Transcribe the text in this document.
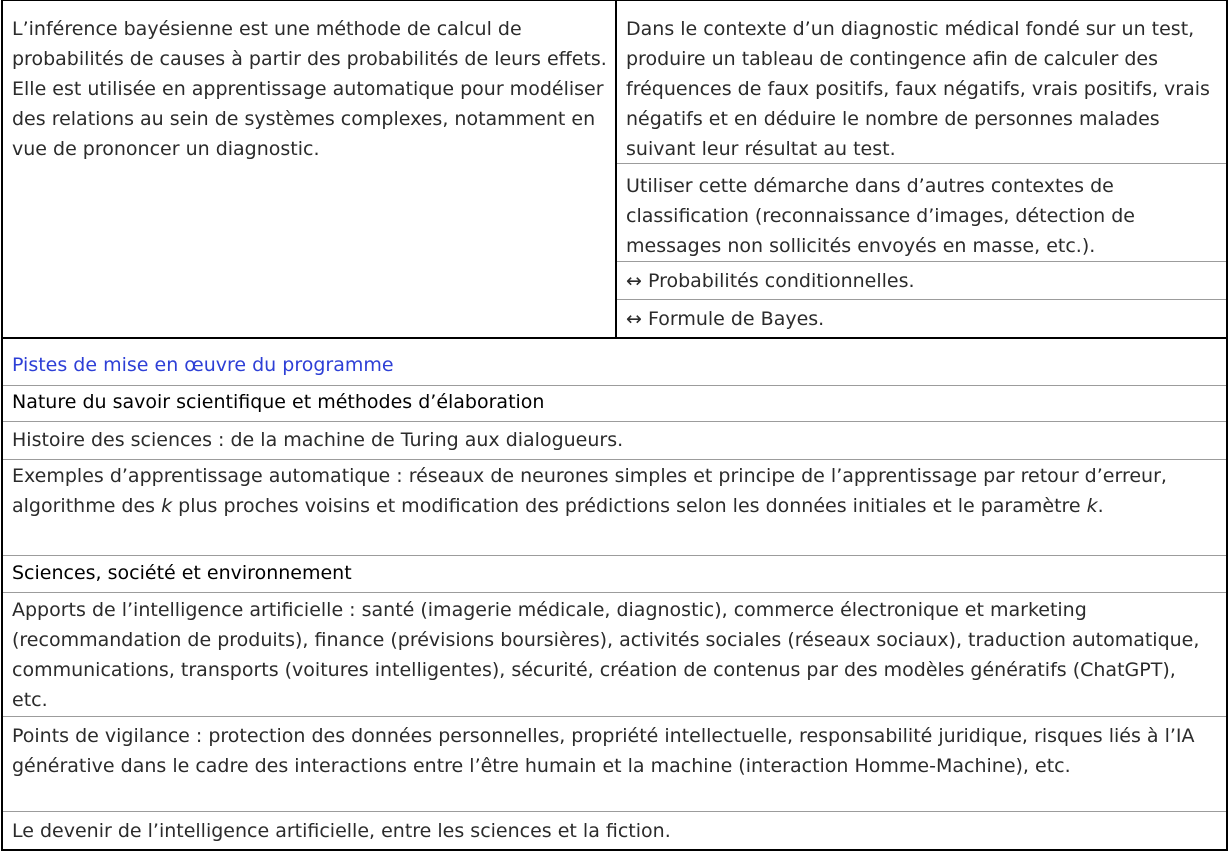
L’inférence bayésienne est une méthode de calcul de probabilités de causes à partir des probabilités de leurs effets. Elle est utilisée en apprentissage automatique pour modéliser des relations au sein de systèmes complexes, notamment en vue de prononcer un diagnostic.

Dans le contexte d’un diagnostic médical fondé sur un test, produire un tableau de contingence afin de calculer des fréquences de faux positifs, faux négatifs, vrais positifs, vrais négatifs et en déduire le nombre de personnes malades suivant leur résultat au test.

Utiliser cette démarche dans d’autres contextes de classification (reconnaissance d’images, détection de messages non sollicités envoyés en masse, etc.).

↔ Probabilités conditionnelles.

↔ Formule de Bayes.

Pistes de mise en œuvre du programme

Nature du savoir scientifique et méthodes d’élaboration

Histoire des sciences : de la machine de Turing aux dialogueurs.

Exemples d’apprentissage automatique : réseaux de neurones simples et principe de l’apprentissage par retour d’erreur, algorithme des k plus proches voisins et modification des prédictions selon les données initiales et le paramètre k.

Sciences, société et environnement

Apports de l’intelligence artificielle : santé (imagerie médicale, diagnostic), commerce électronique et marketing (recommandation de produits), finance (prévisions boursières), activités sociales (réseaux sociaux), traduction automatique, communications, transports (voitures intelligentes), sécurité, création de contenus par des modèles génératifs (ChatGPT), etc.

Points de vigilance : protection des données personnelles, propriété intellectuelle, responsabilité juridique, risques liés à l’IA générative dans le cadre des interactions entre l’être humain et la machine (interaction Homme-Machine), etc.

Le devenir de l’intelligence artificielle, entre les sciences et la fiction.
